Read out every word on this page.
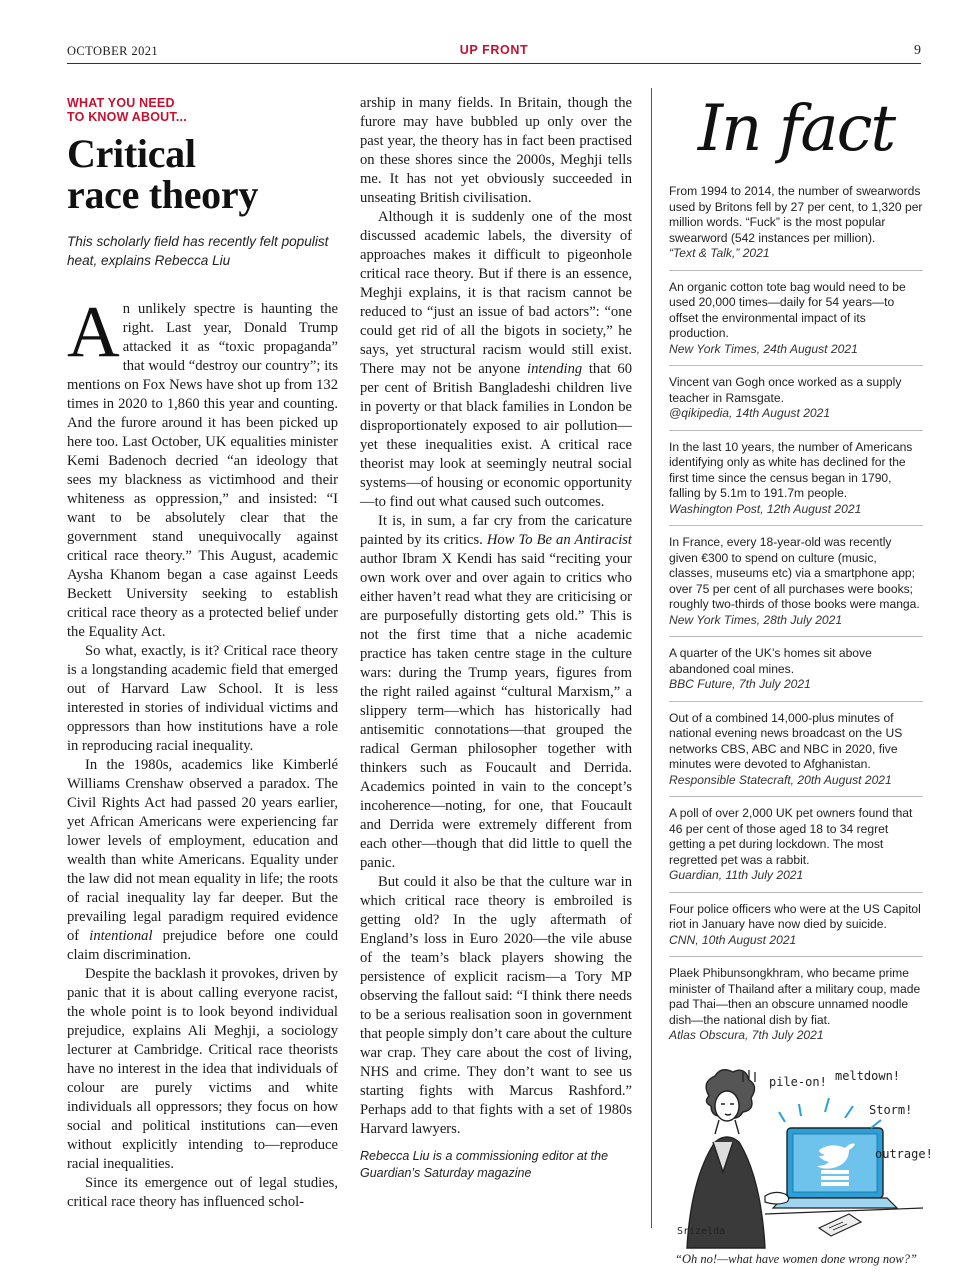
OCTOBER 2021	UP FRONT	9
WHAT YOU NEED
TO KNOW ABOUT...
Critical
race theory
This scholarly field has recently felt populist heat, explains Rebecca Liu

An unlikely spectre is haunting the right. Last year, Donald Trump attacked it as “toxic propaganda” that would “destroy our country”; its mentions on Fox News have shot up from 132 times in 2020 to 1,860 this year and counting. And the furore around it has been picked up here too. Last October, UK equalities minister Kemi Badenoch decried “an ideology that sees my blackness as victimhood and their whiteness as oppression,” and insisted: “I want to be absolutely clear that the government stand unequivocally against critical race theory.” This August, academic Aysha Khanom began a case against Leeds Beckett University seeking to establish critical race theory as a protected belief under the Equality Act.

So what, exactly, is it? Critical race theory is a longstanding academic field that emerged out of Harvard Law School. It is less interested in stories of individual victims and oppressors than how institutions have a role in reproducing racial inequality.

In the 1980s, academics like Kimberlé Williams Crenshaw observed a paradox. The Civil Rights Act had passed 20 years earlier, yet African Americans were experiencing far lower levels of employment, education and wealth than white Americans. Equality under the law did not mean equality in life; the roots of racial inequality lay far deeper. But the prevailing legal paradigm required evidence of intentional prejudice before one could claim discrimination.

Despite the backlash it provokes, driven by panic that it is about calling everyone racist, the whole point is to look beyond individual prejudice, explains Ali Meghji, a sociology lecturer at Cambridge. Critical race theorists have no interest in the idea that individuals of colour are purely victims and white individuals all oppressors; they focus on how social and political institutions can—even without explicitly intending to—reproduce racial inequalities.

Since its emergence out of legal studies, critical race theory has influenced schol-

arship in many fields. In Britain, though the furore may have bubbled up only over the past year, the theory has in fact been practised on these shores since the 2000s, Meghji tells me. It has not yet obviously succeeded in unseating British civilisation.

Although it is suddenly one of the most discussed academic labels, the diversity of approaches makes it difficult to pigeonhole critical race theory. But if there is an essence, Meghji explains, it is that racism cannot be reduced to “just an issue of bad actors”: “one could get rid of all the bigots in society,” he says, yet structural racism would still exist. There may not be anyone intending that 60 per cent of British Bangladeshi children live in poverty or that black families in London be disproportionately exposed to air pollution—yet these inequalities exist. A critical race theorist may look at seemingly neutral social systems—of housing or economic opportunity—to find out what caused such outcomes.

It is, in sum, a far cry from the caricature painted by its critics. How To Be an Antiracist author Ibram X Kendi has said “reciting your own work over and over again to critics who either haven’t read what they are criticising or are purposefully distorting gets old.” This is not the first time that a niche academic practice has taken centre stage in the culture wars: during the Trump years, figures from the right railed against “cultural Marxism,” a slippery term—which has historically had antisemitic connotations—that grouped the radical German philosopher together with thinkers such as Foucault and Derrida. Academics pointed in vain to the concept’s incoherence—noting, for one, that Foucault and Derrida were extremely different from each other—though that did little to quell the panic.

But could it also be that the culture war in which critical race theory is embroiled is getting old? In the ugly aftermath of England’s loss in Euro 2020—the vile abuse of the team’s black players showing the persistence of explicit racism—a Tory MP observing the fallout said: “I think there needs to be a serious realisation soon in government that people simply don’t care about the culture war crap. They care about the cost of living, NHS and crime. They don’t want to see us starting fights with Marcus Rashford.” Perhaps add to that fights with a set of 1980s Harvard lawyers.

Rebecca Liu is a commissioning editor at the Guardian’s Saturday magazine
In fact
From 1994 to 2014, the number of swearwords used by Britons fell by 27 per cent, to 1,320 per million words. “Fuck” is the most popular swearword (542 instances per million).
“Text & Talk,” 2021
An organic cotton tote bag would need to be used 20,000 times—daily for 54 years—to offset the environmental impact of its production.
New York Times, 24th August 2021
Vincent van Gogh once worked as a supply teacher in Ramsgate.
@qikipedia, 14th August 2021
In the last 10 years, the number of Americans identifying only as white has declined for the first time since the census began in 1790, falling by 5.1m to 191.7m people.
Washington Post, 12th August 2021
In France, every 18-year-old was recently given €300 to spend on culture (music, classes, museums etc) via a smartphone app; over 75 per cent of all purchases were books; roughly two-thirds of those books were manga.
New York Times, 28th July 2021
A quarter of the UK’s homes sit above abandoned coal mines.
BBC Future, 7th July 2021
Out of a combined 14,000-plus minutes of national evening news broadcast on the US networks CBS, ABC and NBC in 2020, five minutes were devoted to Afghanistan.
Responsible Statecraft, 20th August 2021
A poll of over 2,000 UK pet owners found that 46 per cent of those aged 18 to 34 regret getting a pet during lockdown. The most regretted pet was a rabbit.
Guardian, 11th July 2021
Four police officers who were at the US Capitol riot in January have now died by suicide.
CNN, 10th August 2021
Plaek Phibunsongkhram, who became prime minister of Thailand after a military coup, made pad Thai—then an obscure unnamed noodle dish—the national dish by fiat.
Atlas Obscura, 7th July 2021
pile-on! meltdown!
Storm!
outrage!
Srizelda
“Oh no!—what have women done wrong now?”
